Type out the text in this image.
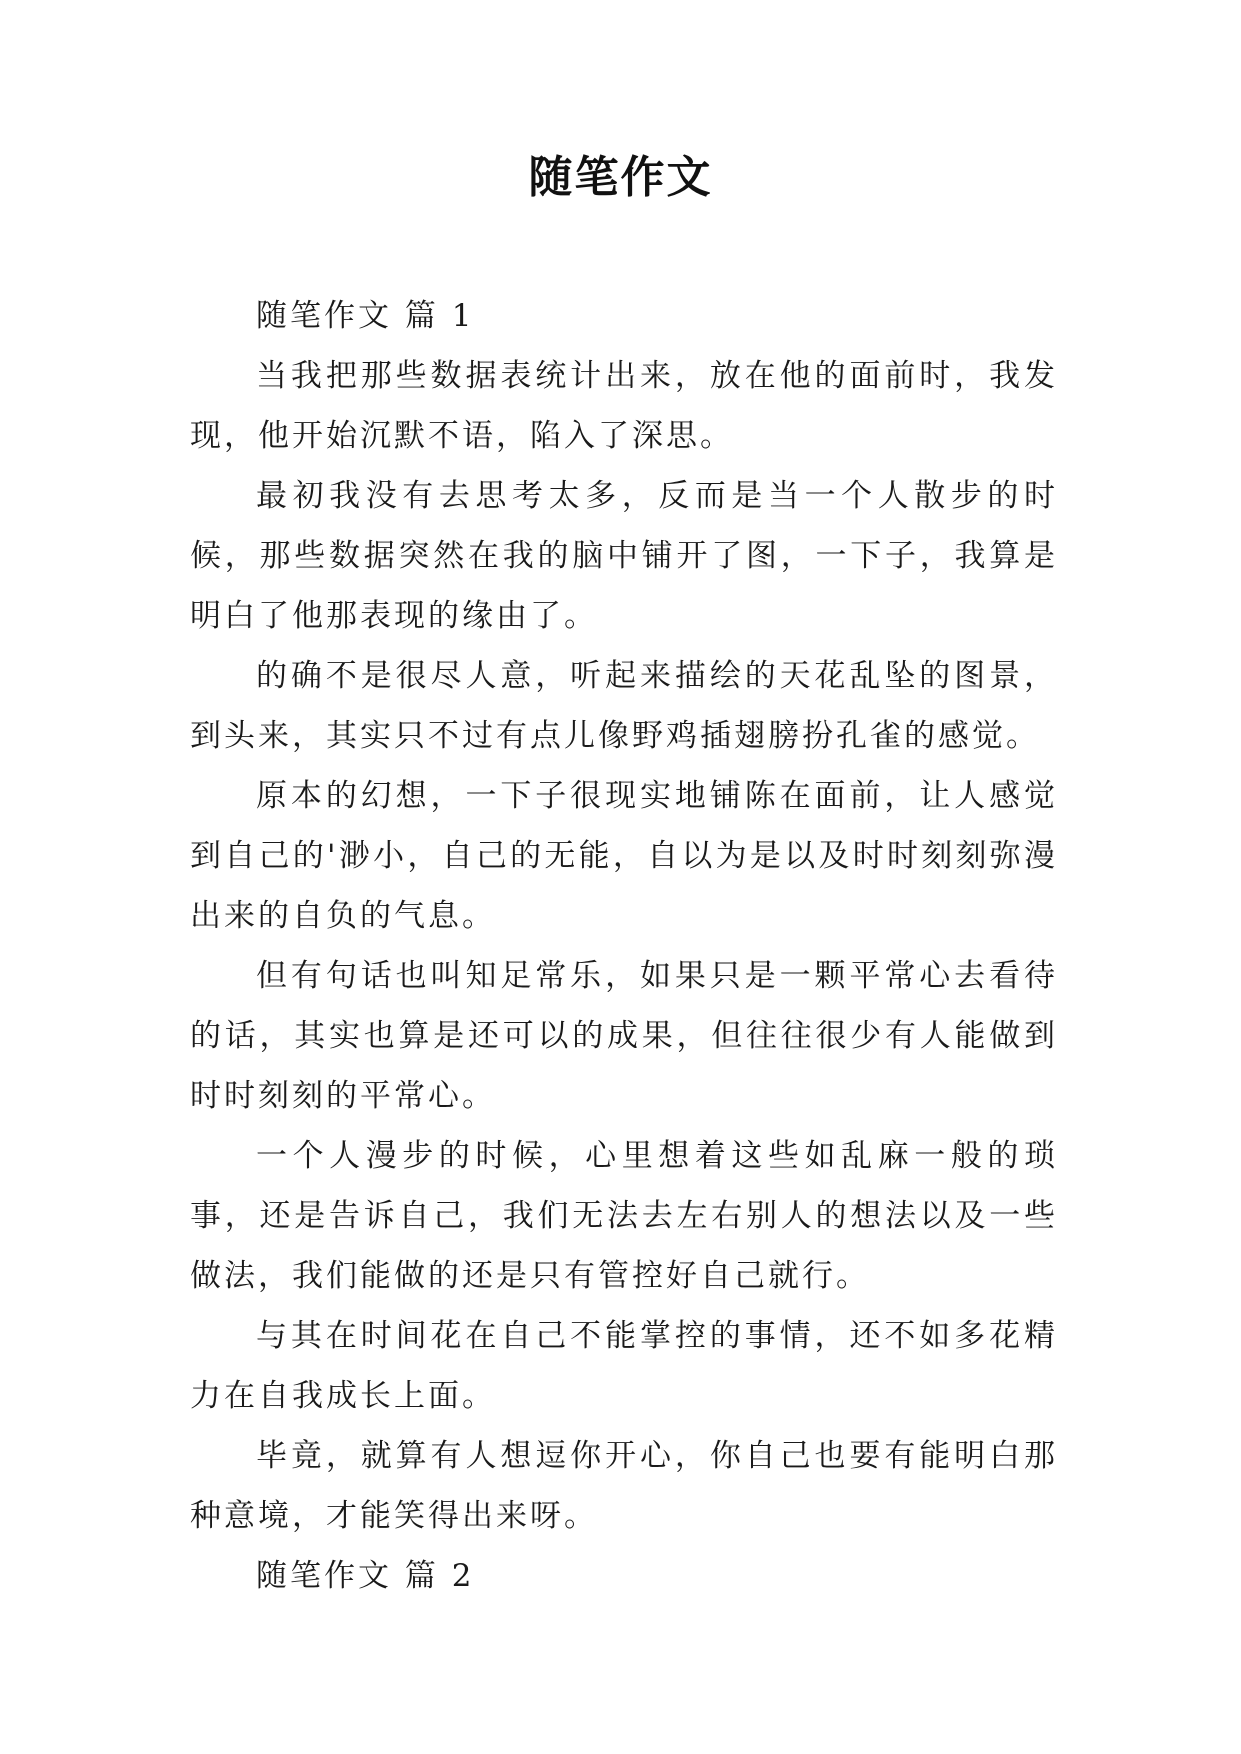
随笔作文

随笔作文 篇 1

当我把那些数据表统计出来，放在他的面前时，我发现，他开始沉默不语，陷入了深思。

最初我没有去思考太多，反而是当一个人散步的时候，那些数据突然在我的脑中铺开了图，一下子，我算是明白了他那表现的缘由了。

的确不是很尽人意，听起来描绘的天花乱坠的图景，到头来，其实只不过有点儿像野鸡插翅膀扮孔雀的感觉。

原本的幻想，一下子很现实地铺陈在面前，让人感觉到自己的'渺小，自己的无能，自以为是以及时时刻刻弥漫出来的自负的气息。

但有句话也叫知足常乐，如果只是一颗平常心去看待的话，其实也算是还可以的成果，但往往很少有人能做到时时刻刻的平常心。

一个人漫步的时候，心里想着这些如乱麻一般的琐事，还是告诉自己，我们无法去左右别人的想法以及一些做法，我们能做的还是只有管控好自己就行。

与其在时间花在自己不能掌控的事情，还不如多花精力在自我成长上面。

毕竟，就算有人想逗你开心，你自己也要有能明白那种意境，才能笑得出来呀。

随笔作文 篇 2
